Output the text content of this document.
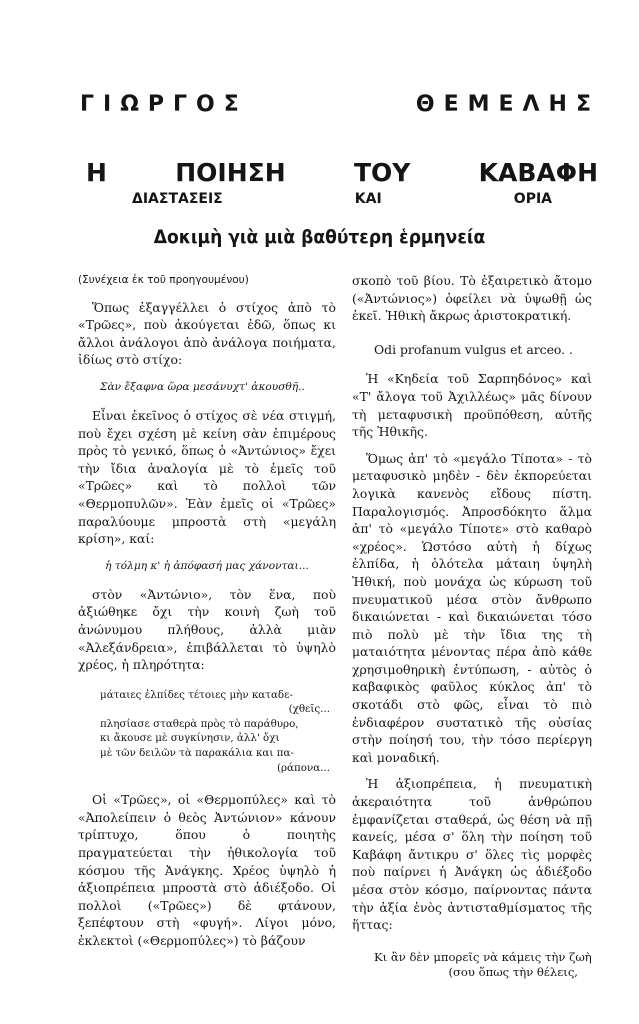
ΓΙΩΡΓΟΣ ΘΕΜΕΛΗΣ
Η ΠΟΙΗΣΗ ΤΟΥ ΚΑΒΑΦΗ
ΔΙΑΣΤΑΣΕΙΣ ΚΑΙ ΟΡΙΑ
Δοκιμὴ γιὰ μιὰ βαθύτερη ἑρμηνεία

(Συνέχεια ἐκ τοῦ προηγουμένου)

Ὅπως ἐξαγγέλλει ὁ στίχος ἀπὸ τὸ «Τρῶες», ποὺ ἀκούγεται ἐδῶ, ὅπως κι ἄλλοι ἀνάλογοι ἀπὸ ἀνάλογα ποιήματα, ἰδίως στὸ στίχο:

Σὰν ἔξαφνα ὥρα μεσάνυχτ' ἀκουσθῆ..

Εἶναι ἐκεῖνος ὁ στίχος σὲ νέα στιγμή, ποὺ ἔχει σχέση μὲ κείνη σὰν ἐπιμέρους πρὸς τὸ γενικό, ὅπως ὁ «Ἀντώνιος» ἔχει τὴν ἴδια ἀναλογία μὲ τὸ ἐμεῖς τοῦ «Τρῶες» καὶ τὸ πολλοὶ τῶν «Θερμοπυλῶν». Ἐὰν ἐμεῖς οἱ «Τρῶες» παραλύουμε μπροστὰ στὴ «μεγάλη κρίση», καί:

ἡ τόλμη κ' ἡ ἀπόφασή μας χάνονται...

στὸν «Ἀντώνιο», τὸν ἕνα, ποὺ ἀξιώθηκε ὄχι τὴν κοινὴ ζωὴ τοῦ ἀνώνυμου πλήθους, ἀλλὰ μιὰν «Ἀλεξάνδρεια», ἐπιβάλλεται τὸ ὑψηλὸ χρέος, ἡ πληρότητα:

μάταιες ἐλπίδες τέτοιες μὴν καταδε-
(χθεῖς...
πλησίασε σταθερὰ πρὸς τὸ παράθυρο,
κι ἄκουσε μὲ συγκίνησιν, ἀλλ' ὄχι
μὲ τῶν δειλῶν τὰ παρακάλια και πα-
(ράπονα...

Οἱ «Τρῶες», οἱ «Θερμοπύλες» καὶ τὸ «Ἀπολείπειν ὁ θεὸς Ἀντώνιον» κάνουν τρίπτυχο, ὅπου ὁ ποιητὴς πραγματεύεται τὴν ἠθικολογία τοῦ κόσμου τῆς Ἀνάγκης. Χρέος ὑψηλὸ ἡ ἀξιοπρέπεια μπροστὰ στὸ ἀδιέξοδο. Οἱ πολλοὶ («Τρῶες») δὲ φτάνουν, ξεπέφτουν στὴ «φυγή». Λίγοι μόνο, ἐκλεκτοὶ («Θερμοπύλες») τὸ βάζουν

σκοπὸ τοῦ βίου. Τὸ ἐξαιρετικὸ ἄτομο («Ἀντώνιος») ὀφείλει νὰ ὑψωθῇ ὡς ἐκεῖ. Ἠθικὴ ἄκρως ἀριστοκρατική.

Odi profanum vulgus et arceo. .

Ἡ «Κηδεία τοῦ Σαρπηδόνος» καὶ «Τ' ἄλογα τοῦ Ἀχιλλέως» μᾶς δίνουν τὴ μεταφυσικὴ προϋπόθεση, αὐτῆς τῆς Ἠθικῆς.

Ὅμως ἀπ' τὸ «μεγάλο Τίποτα» - τὸ μεταφυσικὸ μηδὲν - δὲν ἐκπορεύεται λογικὰ κανενὸς εἴδους πίστη. Παραλογισμός. Ἀπροσδόκητο ἅλμα ἀπ' τὸ «μεγάλο Τίποτε» στὸ καθαρὸ «χρέος». Ὡστόσο αὐτὴ ἡ δίχως ἐλπίδα, ἡ ὁλότελα μάταιη ὑψηλὴ Ἠθική, ποὺ μονάχα ὡς κύρωση τοῦ πνευματικοῦ μέσα στὸν ἄνθρωπο δικαιώνεται - καὶ δικαιώνεται τόσο πιὸ πολὺ μὲ τὴν ἴδια της τὴ ματαιότητα μένοντας πέρα ἀπὸ κάθε χρησιμοθηρικὴ ἐντύπωση, - αὐτὸς ὁ καβαφικὸς φαῦλος κύκλος ἀπ' τὸ σκοτάδι στὸ φῶς, εἶναι τὸ πιὸ ἐνδιαφέρον συστατικὸ τῆς οὐσίας στὴν ποίησή του, τὴν τόσο περίεργη καὶ μοναδική.

Ἡ ἀξιοπρέπεια, ἡ πνευματικὴ ἀκεραιότητα τοῦ ἀνθρώπου ἐμφανίζεται σταθερά, ὡς θέση νὰ πῇ κανείς, μέσα σ' ὅλη τὴν ποίηση τοῦ Καβάφη ἄντικρυ σ' ὅλες τὶς μορφὲς ποὺ παίρνει ἡ Ἀνάγκη ὡς ἀδιέξοδο μέσα στὸν κόσμο, παίρνοντας πάντα τὴν ἀξία ἑνὸς ἀντισταθμίσματος τῆς ἥττας:

Κι ἂν δὲν μπορεῖς νὰ κάμεις τὴν ζωὴ
(σου ὅπως τὴν θέλεις,
